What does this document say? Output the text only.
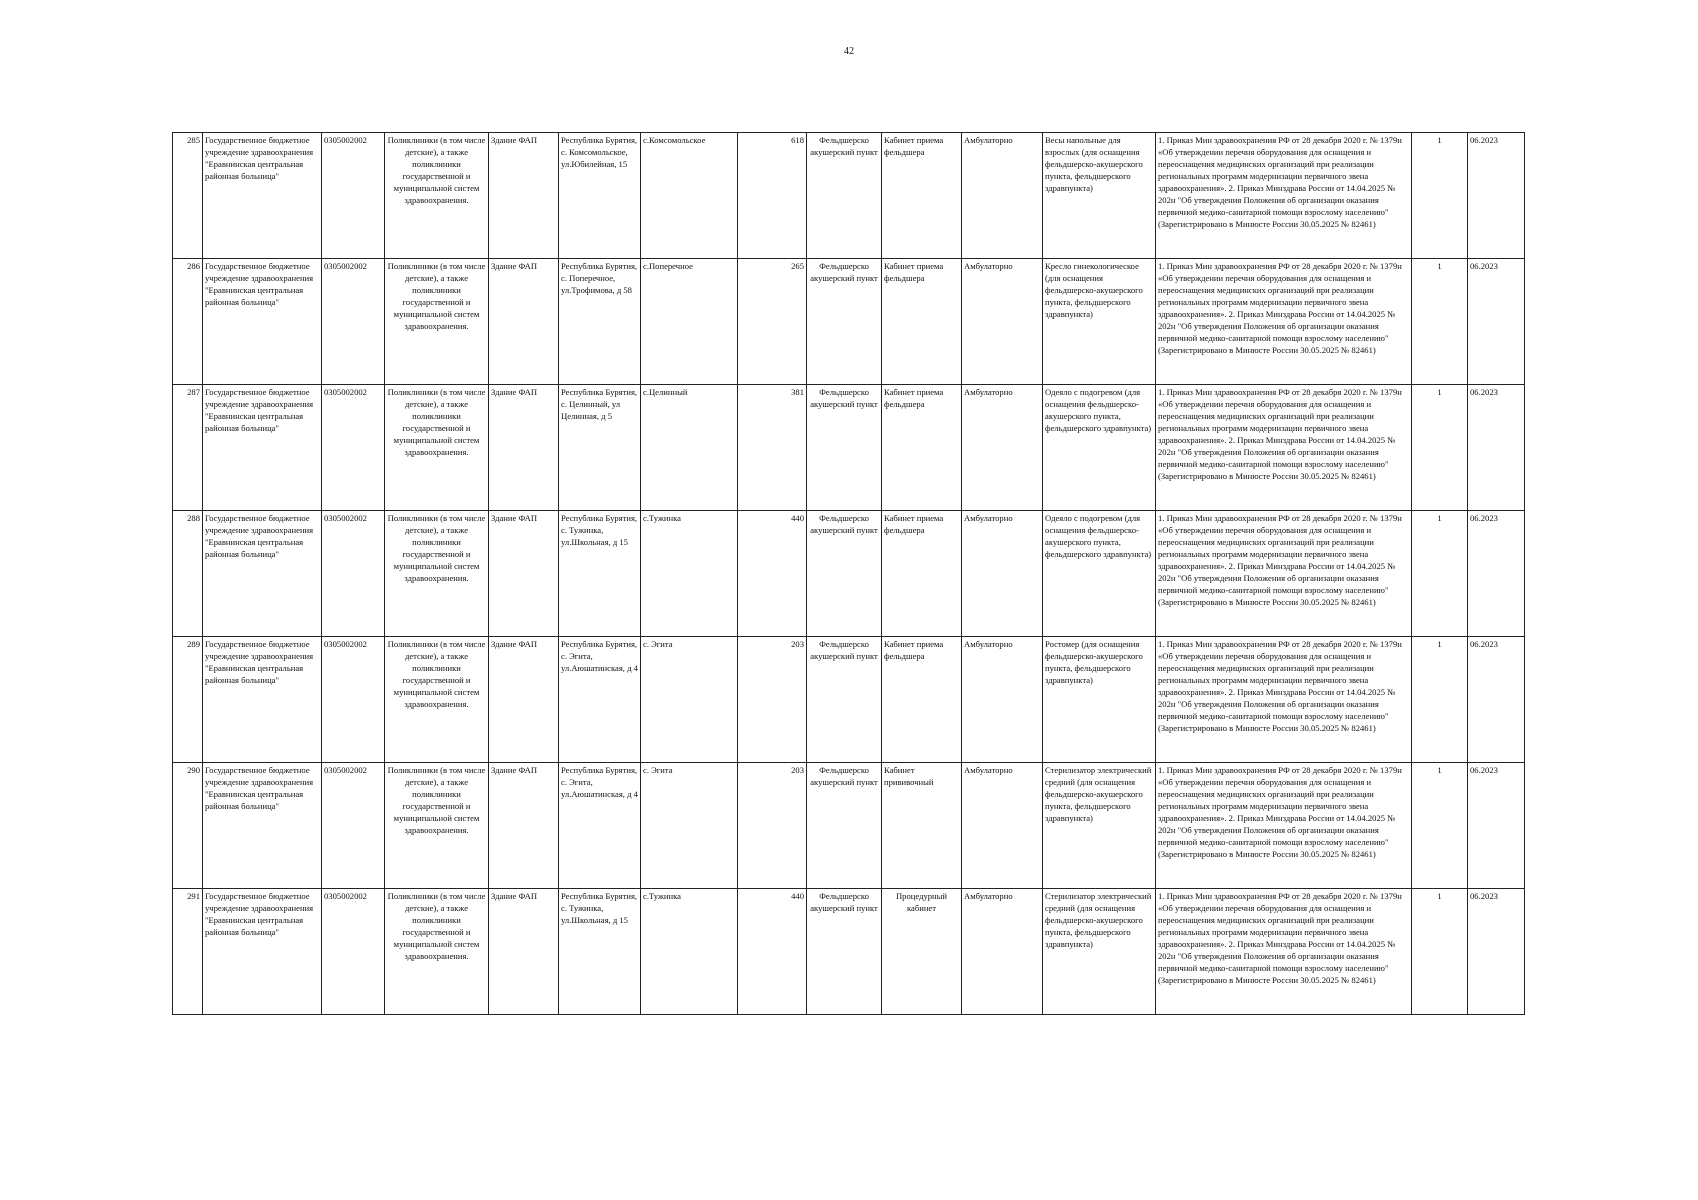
42
285	Государственное бюджетное учреждение здравоохранения "Еравнинская центральная районная больница"	0305002002	Поликлиники (в том числе детские), а также поликлиники государственной и муниципальной систем здравоохранения.	Здание ФАП	Республика Бурятия, с. Комсомольское, ул.Юбилейная, 15	с.Комсомольское	618	Фельдшерско акушерский пункт	Кабинет приема фельдшера	Амбулаторно	Весы напольные для взрослых (для оснащения фельдшерско-акушерского пункта, фельдшерского здравпункта)	1. Приказ Мин здравоохранения РФ от 28 декабря 2020 г. № 1379н «Об утверждении перечня оборудования для оснащения и переоснащения медицинских организаций при реализации региональных программ модернизации первичного звена здравоохранения». 2. Приказ Минздрава России от 14.04.2025 № 202н "Об утверждения Положения об организации оказания первичной медико-санитарной помощи взрослому населению" (Зарегистрировано в Минюсте России 30.05.2025 № 82461)	1	06.2023
286	Государственное бюджетное учреждение здравоохранения "Еравнинская центральная районная больница"	0305002002	Поликлиники (в том числе детские), а также поликлиники государственной и муниципальной систем здравоохранения.	Здание ФАП	Республика Бурятия, с. Поперечное, ул.Трофимова, д 58	с.Поперечное	265	Фельдшерско акушерский пункт	Кабинет приема фельдшера	Амбулаторно	Кресло гинекологическое (для оснащения фельдшерско-акушерского пункта, фельдшерского здравпункта)	1. Приказ Мин здравоохранения РФ от 28 декабря 2020 г. № 1379н «Об утверждении перечня оборудования для оснащения и переоснащения медицинских организаций при реализации региональных программ модернизации первичного звена здравоохранения». 2. Приказ Минздрава России от 14.04.2025 № 202н "Об утверждения Положения об организации оказания первичной медико-санитарной помощи взрослому населению" (Зарегистрировано в Минюсте России 30.05.2025 № 82461)	1	06.2023
287	Государственное бюджетное учреждение здравоохранения "Еравнинская центральная районная больница"	0305002002	Поликлиники (в том числе детские), а также поликлиники государственной и муниципальной систем здравоохранения.	Здание ФАП	Республика Бурятия, с. Целинный, ул Целинная, д 5	с.Целинный	381	Фельдшерско акушерский пункт	Кабинет приема фельдшера	Амбулаторно	Одеяло с подогревом (для оснащения фельдшерско-акушерского пункта, фельдшерского здравпункта)	1. Приказ Мин здравоохранения РФ от 28 декабря 2020 г. № 1379н «Об утверждении перечня оборудования для оснащения и переоснащения медицинских организаций при реализации региональных программ модернизации первичного звена здравоохранения». 2. Приказ Минздрава России от 14.04.2025 № 202н "Об утверждения Положения об организации оказания первичной медико-санитарной помощи взрослому населению" (Зарегистрировано в Минюсте России 30.05.2025 № 82461)	1	06.2023
288	Государственное бюджетное учреждение здравоохранения "Еравнинская центральная районная больница"	0305002002	Поликлиники (в том числе детские), а также поликлиники государственной и муниципальной систем здравоохранения.	Здание ФАП	Республика Бурятия, с. Тужинка, ул.Школьная, д 15	с.Тужинка	440	Фельдшерско акушерский пункт	Кабинет приема фельдшера	Амбулаторно	Одеяло с подогревом (для оснащения фельдшерско-акушерского пункта, фельдшерского здравпункта)	1. Приказ Мин здравоохранения РФ от 28 декабря 2020 г. № 1379н «Об утверждении перечня оборудования для оснащения и переоснащения медицинских организаций при реализации региональных программ модернизации первичного звена здравоохранения». 2. Приказ Минздрава России от 14.04.2025 № 202н "Об утверждения Положения об организации оказания первичной медико-санитарной помощи взрослому населению" (Зарегистрировано в Минюсте России 30.05.2025 № 82461)	1	06.2023
289	Государственное бюджетное учреждение здравоохранения "Еравнинская центральная районная больница"	0305002002	Поликлиники (в том числе детские), а также поликлиники государственной и муниципальной систем здравоохранения.	Здание ФАП	Республика Бурятия, с. Эгита, ул.Аюшатинская, д 4	с. Эгита	203	Фельдшерско акушерский пункт	Кабинет приема фельдшера	Амбулаторно	Ростомер (для оснащения фельдшерско-акушерского пункта, фельдшерского здравпункта)	1. Приказ Мин здравоохранения РФ от 28 декабря 2020 г. № 1379н «Об утверждении перечня оборудования для оснащения и переоснащения медицинских организаций при реализации региональных программ модернизации первичного звена здравоохранения». 2. Приказ Минздрава России от 14.04.2025 № 202н "Об утверждения Положения об организации оказания первичной медико-санитарной помощи взрослому населению" (Зарегистрировано в Минюсте России 30.05.2025 № 82461)	1	06.2023
290	Государственное бюджетное учреждение здравоохранения "Еравнинская центральная районная больница"	0305002002	Поликлиники (в том числе детские), а также поликлиники государственной и муниципальной систем здравоохранения.	Здание ФАП	Республика Бурятия, с. Эгита, ул.Аюшатинская, д 4	с. Эгита	203	Фельдшерско акушерский пункт	Кабинет прививочный	Амбулаторно	Стерилизатор электрический средний (для оснащения фельдшерско-акушерского пункта, фельдшерского здравпункта)	1. Приказ Мин здравоохранения РФ от 28 декабря 2020 г. № 1379н «Об утверждении перечня оборудования для оснащения и переоснащения медицинских организаций при реализации региональных программ модернизации первичного звена здравоохранения». 2. Приказ Минздрава России от 14.04.2025 № 202н "Об утверждения Положения об организации оказания первичной медико-санитарной помощи взрослому населению" (Зарегистрировано в Минюсте России 30.05.2025 № 82461)	1	06.2023
291	Государственное бюджетное учреждение здравоохранения "Еравнинская центральная районная больница"	0305002002	Поликлиники (в том числе детские), а также поликлиники государственной и муниципальной систем здравоохранения.	Здание ФАП	Республика Бурятия, с. Тужинка, ул.Школьная, д 15	с.Тужинка	440	Фельдшерско акушерский пункт	Процедурный кабинет	Амбулаторно	Стерилизатор электрический средний (для оснащения фельдшерско-акушерского пункта, фельдшерского здравпункта)	1. Приказ Мин здравоохранения РФ от 28 декабря 2020 г. № 1379н «Об утверждении перечня оборудования для оснащения и переоснащения медицинских организаций при реализации региональных программ модернизации первичного звена здравоохранения». 2. Приказ Минздрава России от 14.04.2025 № 202н "Об утверждения Положения об организации оказания первичной медико-санитарной помощи взрослому населению" (Зарегистрировано в Минюсте России 30.05.2025 № 82461)	1	06.2023
